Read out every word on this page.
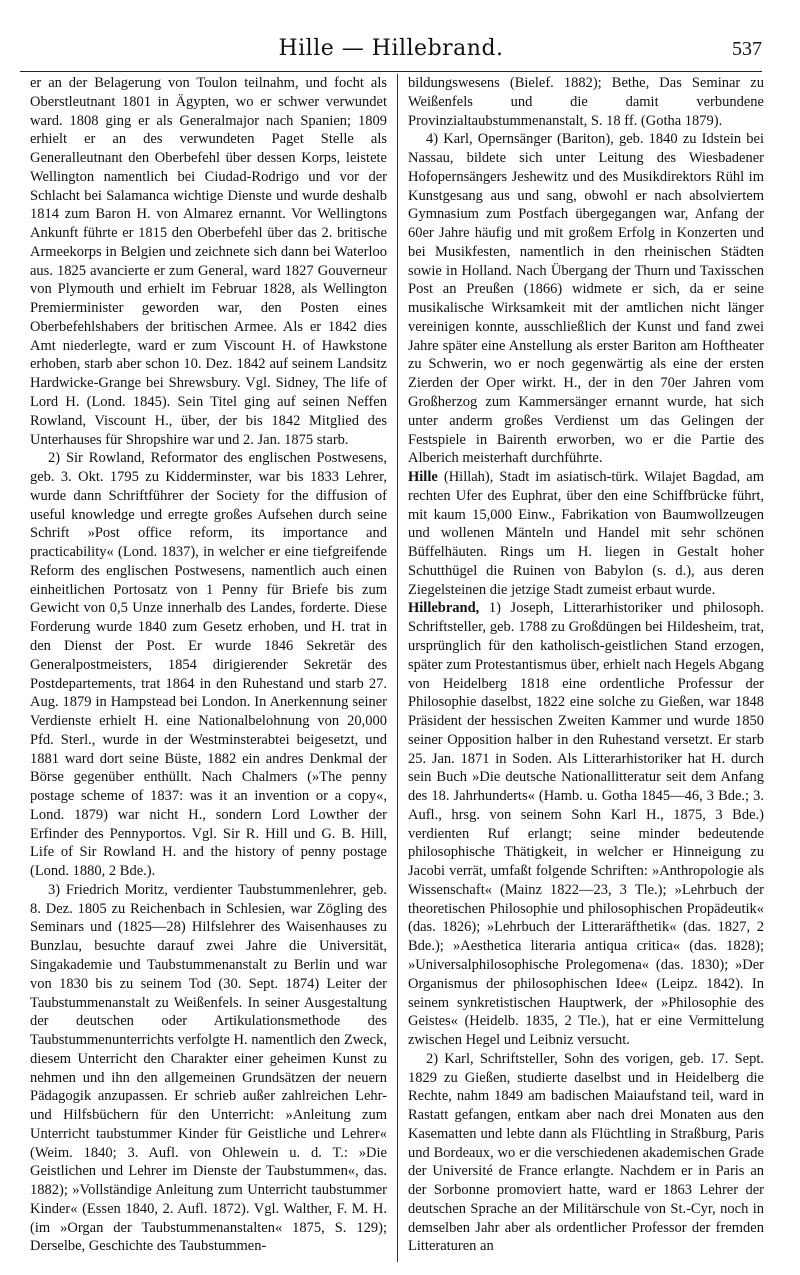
Hille — Hillebrand.	537

er an der Belagerung von Toulon teilnahm, und focht als Oberstleutnant 1801 in Ägypten, wo er schwer verwundet ward. 1808 ging er als Generalmajor nach Spanien; 1809 erhielt er an des verwundeten Paget Stelle als Generalleutnant den Oberbefehl über dessen Korps, leistete Wellington namentlich bei Ciudad-Rodrigo und vor der Schlacht bei Salamanca wichtige Dienste und wurde deshalb 1814 zum Baron H. von Almarez ernannt. Vor Wellingtons Ankunft führte er 1815 den Oberbefehl über das 2. britische Armeekorps in Belgien und zeichnete sich dann bei Waterloo aus. 1825 avancierte er zum General, ward 1827 Gouverneur von Plymouth und erhielt im Februar 1828, als Wellington Premierminister geworden war, den Posten eines Oberbefehlshabers der britischen Armee. Als er 1842 dies Amt niederlegte, ward er zum Viscount H. of Hawkstone erhoben, starb aber schon 10. Dez. 1842 auf seinem Landsitz Hardwicke-Grange bei Shrewsbury. Vgl. Sidney, The life of Lord H. (Lond. 1845). Sein Titel ging auf seinen Neffen Rowland, Viscount H., über, der bis 1842 Mitglied des Unterhauses für Shropshire war und 2. Jan. 1875 starb.

2) Sir Rowland, Reformator des englischen Postwesens, geb. 3. Okt. 1795 zu Kidderminster, war bis 1833 Lehrer, wurde dann Schriftführer der Society for the diffusion of useful knowledge und erregte großes Aufsehen durch seine Schrift »Post office reform, its importance and practicability« (Lond. 1837), in welcher er eine tiefgreifende Reform des englischen Postwesens, namentlich auch einen einheitlichen Portosatz von 1 Penny für Briefe bis zum Gewicht von 0,5 Unze innerhalb des Landes, forderte. Diese Forderung wurde 1840 zum Gesetz erhoben, und H. trat in den Dienst der Post. Er wurde 1846 Sekretär des Generalpostmeisters, 1854 dirigierender Sekretär des Postdepartements, trat 1864 in den Ruhestand und starb 27. Aug. 1879 in Hampstead bei London. In Anerkennung seiner Verdienste erhielt H. eine Nationalbelohnung von 20,000 Pfd. Sterl., wurde in der Westminsterabtei beigesetzt, und 1881 ward dort seine Büste, 1882 ein andres Denkmal der Börse gegenüber enthüllt. Nach Chalmers (»The penny postage scheme of 1837: was it an invention or a copy«, Lond. 1879) war nicht H., sondern Lord Lowther der Erfinder des Pennyportos. Vgl. Sir R. Hill und G. B. Hill, Life of Sir Rowland H. and the history of penny postage (Lond. 1880, 2 Bde.).

3) Friedrich Moritz, verdienter Taubstummenlehrer, geb. 8. Dez. 1805 zu Reichenbach in Schlesien, war Zögling des Seminars und (1825—28) Hilfslehrer des Waisenhauses zu Bunzlau, besuchte darauf zwei Jahre die Universität, Singakademie und Taubstummenanstalt zu Berlin und war von 1830 bis zu seinem Tod (30. Sept. 1874) Leiter der Taubstummenanstalt zu Weißenfels. In seiner Ausgestaltung der deutschen oder Artikulationsmethode des Taubstummenunterrichts verfolgte H. namentlich den Zweck, diesem Unterricht den Charakter einer geheimen Kunst zu nehmen und ihn den allgemeinen Grundsätzen der neuern Pädagogik anzupassen. Er schrieb außer zahlreichen Lehr- und Hilfsbüchern für den Unterricht: »Anleitung zum Unterricht taubstummer Kinder für Geistliche und Lehrer« (Weim. 1840; 3. Aufl. von Ohlewein u. d. T.: »Die Geistlichen und Lehrer im Dienste der Taubstummen«, das. 1882); »Vollständige Anleitung zum Unterricht taubstummer Kinder« (Essen 1840, 2. Aufl. 1872). Vgl. Walther, F. M. H. (im »Organ der Taubstummenanstalten« 1875, S. 129); Derselbe, Geschichte des Taubstummen-

bildungswesens (Bielef. 1882); Bethe, Das Seminar zu Weißenfels und die damit verbundene Provinzialtaubstummenanstalt, S. 18 ff. (Gotha 1879).

4) Karl, Opernsänger (Bariton), geb. 1840 zu Idstein bei Nassau, bildete sich unter Leitung des Wiesbadener Hofopernsängers Jeshewitz und des Musikdirektors Rühl im Kunstgesang aus und sang, obwohl er nach absolviertem Gymnasium zum Postfach übergegangen war, Anfang der 60er Jahre häufig und mit großem Erfolg in Konzerten und bei Musikfesten, namentlich in den rheinischen Städten sowie in Holland. Nach Übergang der Thurn und Taxisschen Post an Preußen (1866) widmete er sich, da er seine musikalische Wirksamkeit mit der amtlichen nicht länger vereinigen konnte, ausschließlich der Kunst und fand zwei Jahre später eine Anstellung als erster Bariton am Hoftheater zu Schwerin, wo er noch gegenwärtig als eine der ersten Zierden der Oper wirkt. H., der in den 70er Jahren vom Großherzog zum Kammersänger ernannt wurde, hat sich unter anderm großes Verdienst um das Gelingen der Festspiele in Bairenth erworben, wo er die Partie des Alberich meisterhaft durchführte.

Hille (Hillah), Stadt im asiatisch-türk. Wilajet Bagdad, am rechten Ufer des Euphrat, über den eine Schiffbrücke führt, mit kaum 15,000 Einw., Fabrikation von Baumwollzeugen und wollenen Mänteln und Handel mit sehr schönen Büffelhäuten. Rings um H. liegen in Gestalt hoher Schutthügel die Ruinen von Babylon (s. d.), aus deren Ziegelsteinen die jetzige Stadt zumeist erbaut wurde.

Hillebrand, 1) Joseph, Litterarhistoriker und philosoph. Schriftsteller, geb. 1788 zu Großdüngen bei Hildesheim, trat, ursprünglich für den katholisch-geistlichen Stand erzogen, später zum Protestantismus über, erhielt nach Hegels Abgang von Heidelberg 1818 eine ordentliche Professur der Philosophie daselbst, 1822 eine solche zu Gießen, war 1848 Präsident der hessischen Zweiten Kammer und wurde 1850 seiner Opposition halber in den Ruhestand versetzt. Er starb 25. Jan. 1871 in Soden. Als Litterarhistoriker hat H. durch sein Buch »Die deutsche Nationallitteratur seit dem Anfang des 18. Jahrhunderts« (Hamb. u. Gotha 1845—46, 3 Bde.; 3. Aufl., hrsg. von seinem Sohn Karl H., 1875, 3 Bde.) verdienten Ruf erlangt; seine minder bedeutende philosophische Thätigkeit, in welcher er Hinneigung zu Jacobi verrät, umfaßt folgende Schriften: »Anthropologie als Wissenschaft« (Mainz 1822—23, 3 Tle.); »Lehrbuch der theoretischen Philosophie und philosophischen Propädeutik« (das. 1826); »Lehrbuch der Litteraräfthetik« (das. 1827, 2 Bde.); »Aesthetica literaria antiqua critica« (das. 1828); »Universalphilosophische Prolegomena« (das. 1830); »Der Organismus der philosophischen Idee« (Leipz. 1842). In seinem synkretistischen Hauptwerk, der »Philosophie des Geistes« (Heidelb. 1835, 2 Tle.), hat er eine Vermittelung zwischen Hegel und Leibniz versucht.

2) Karl, Schriftsteller, Sohn des vorigen, geb. 17. Sept. 1829 zu Gießen, studierte daselbst und in Heidelberg die Rechte, nahm 1849 am badischen Maiaufstand teil, ward in Rastatt gefangen, entkam aber nach drei Monaten aus den Kasematten und lebte dann als Flüchtling in Straßburg, Paris und Bordeaux, wo er die verschiedenen akademischen Grade der Université de France erlangte. Nachdem er in Paris an der Sorbonne promoviert hatte, ward er 1863 Lehrer der deutschen Sprache an der Militärschule von St.-Cyr, noch in demselben Jahr aber als ordentlicher Professor der fremden Litteraturen an
